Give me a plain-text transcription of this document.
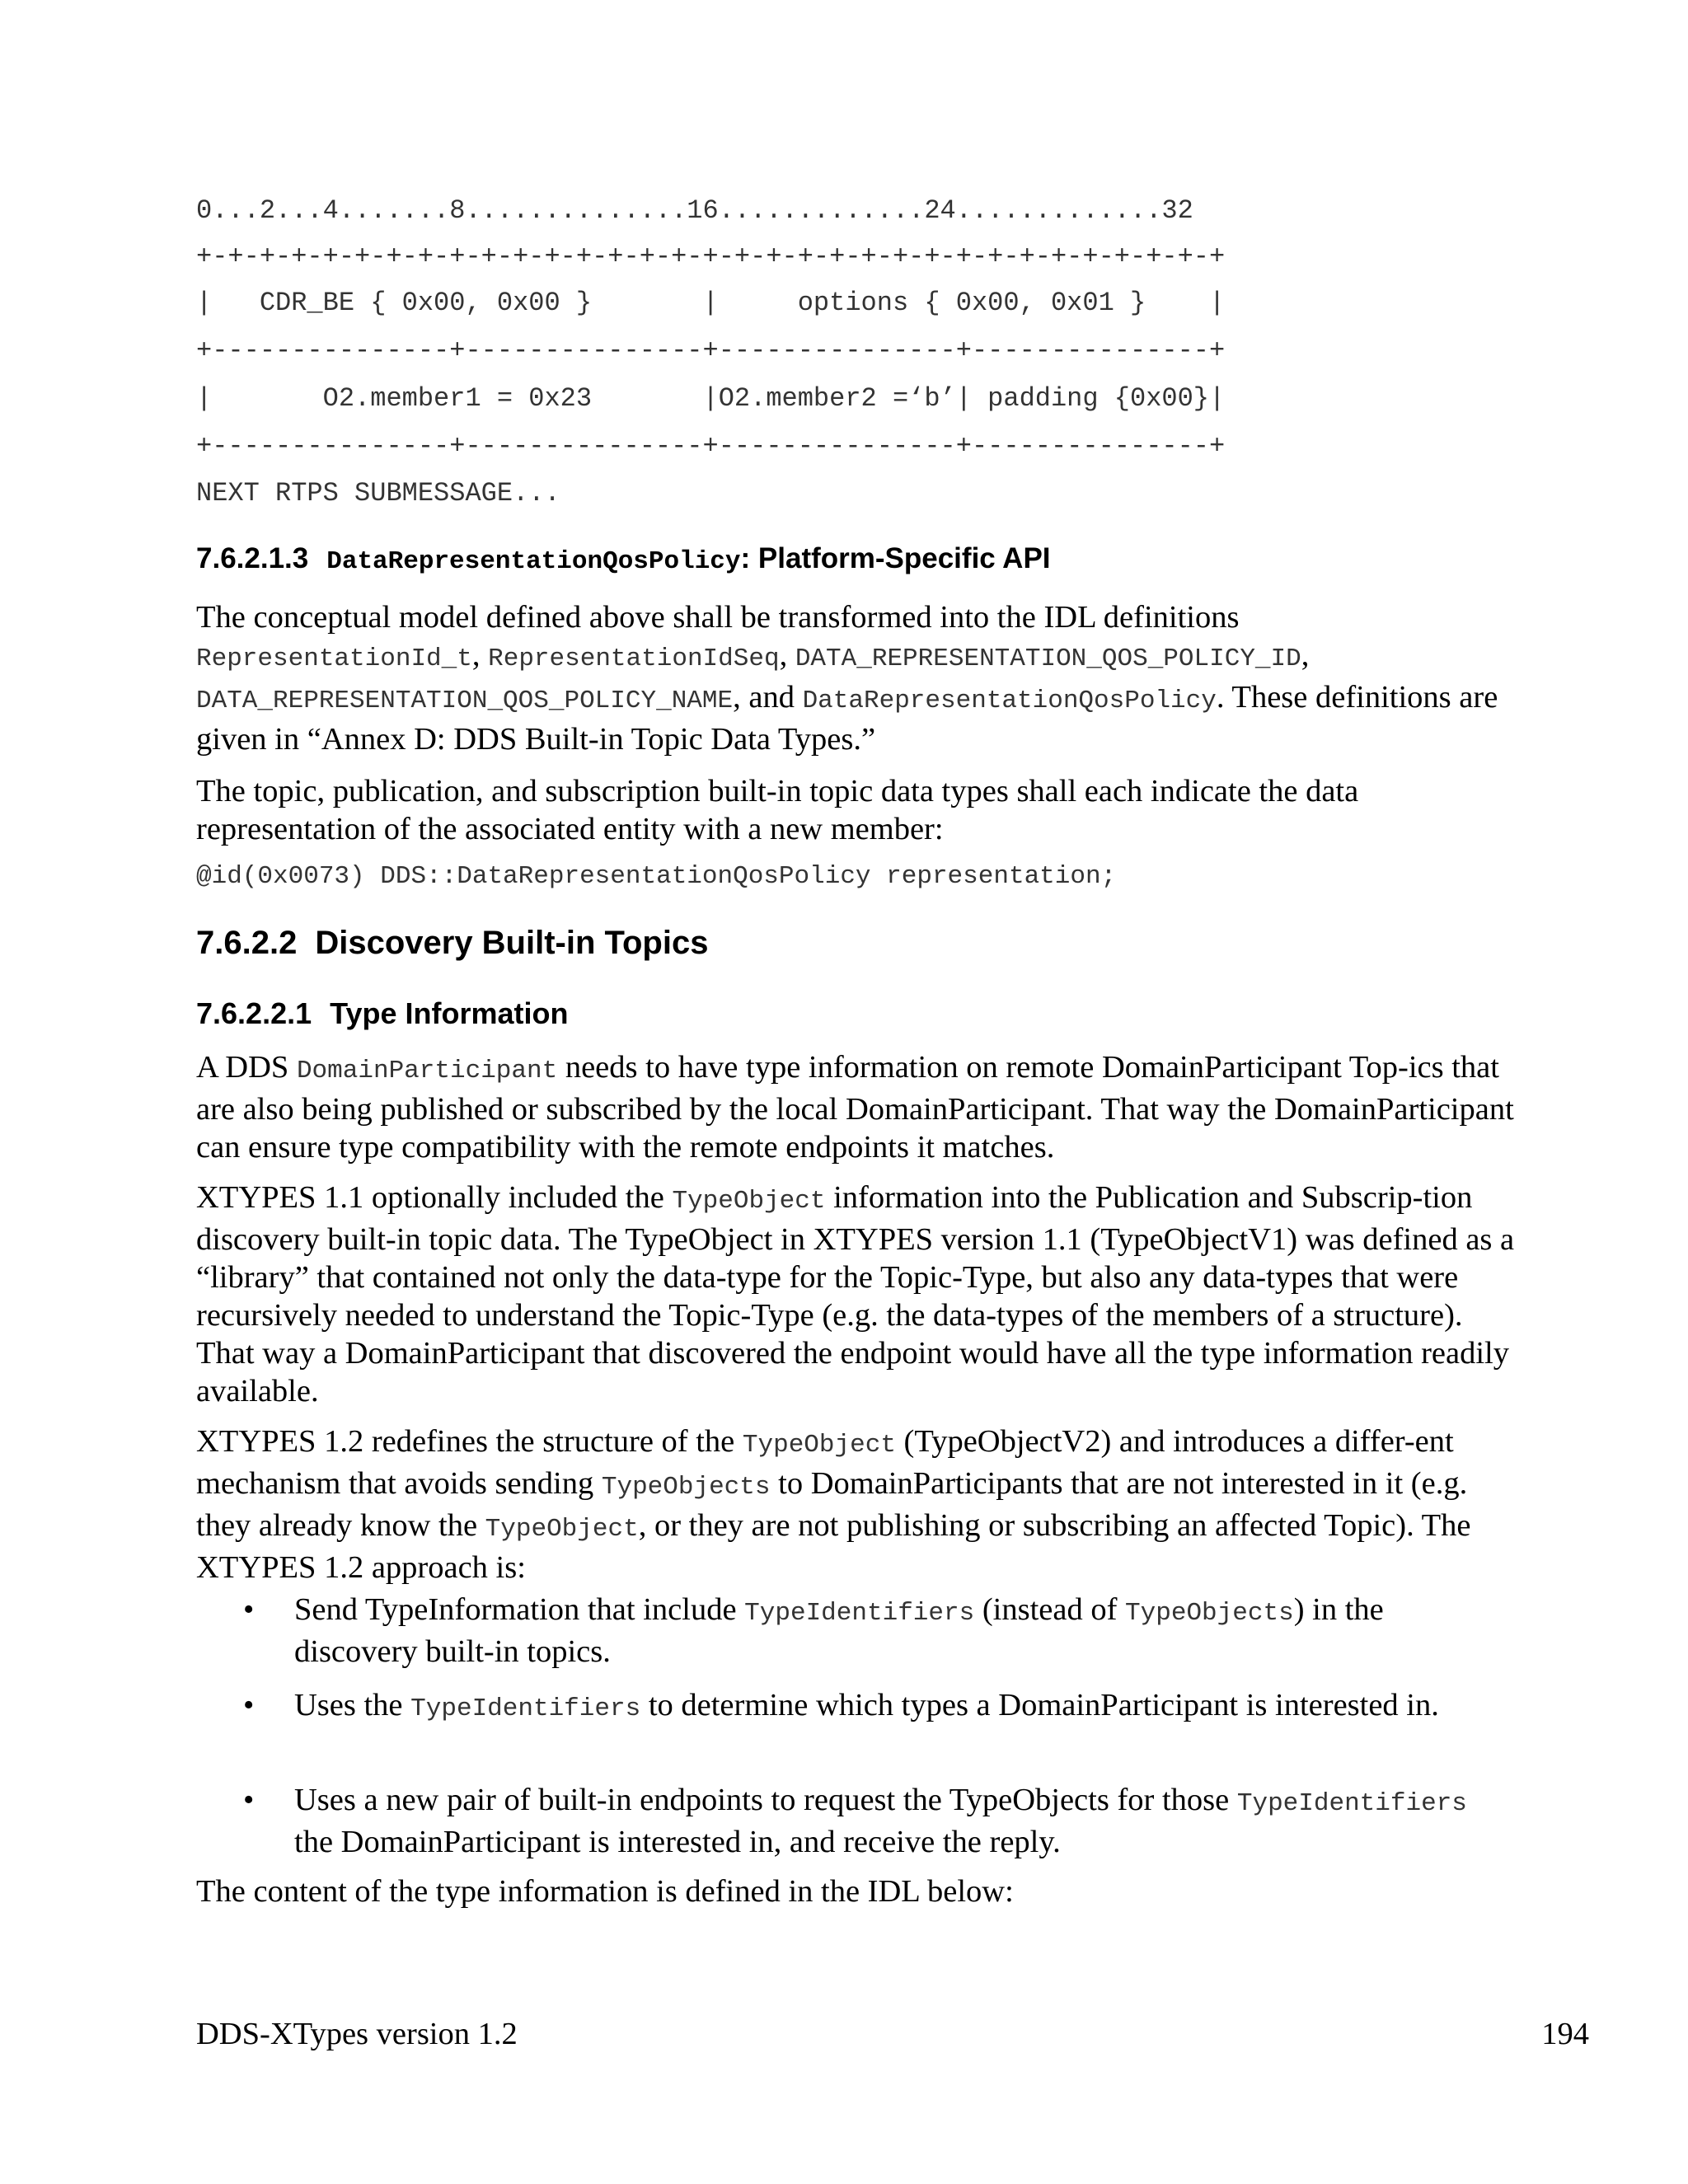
0...2...4.......8..............16.............24.............32
+-+-+-+-+-+-+-+-+-+-+-+-+-+-+-+-+-+-+-+-+-+-+-+-+-+-+-+-+-+-+-+-+
|   CDR_BE { 0x00, 0x00 }       |     options { 0x00, 0x01 }    |
+---------------+---------------+---------------+---------------+
|       O2.member1 = 0x23       |O2.member2 =‘b’| padding {0x00}|
+---------------+---------------+---------------+---------------+
NEXT RTPS SUBMESSAGE...
7.6.2.1.3 DataRepresentationQosPolicy: Platform-Specific API

The conceptual model defined above shall be transformed into the IDL definitions RepresentationId_t, RepresentationIdSeq, DATA_REPRESENTATION_QOS_POLICY_ID, DATA_REPRESENTATION_QOS_POLICY_NAME, and DataRepresentationQosPolicy. These definitions are given in “Annex D: DDS Built-in Topic Data Types.”

The topic, publication, and subscription built-in topic data types shall each indicate the data representation of the associated entity with a new member:

@id(0x0073) DDS::DataRepresentationQosPolicy representation;
7.6.2.2 Discovery Built-in Topics
7.6.2.2.1 Type Information

A DDS DomainParticipant needs to have type information on remote DomainParticipant Top-ics that are also being published or subscribed by the local DomainParticipant. That way the DomainParticipant can ensure type compatibility with the remote endpoints it matches.

XTYPES 1.1 optionally included the TypeObject information into the Publication and Subscrip-tion discovery built-in topic data. The TypeObject in XTYPES version 1.1 (TypeObjectV1) was defined as a “library” that contained not only the data-type for the Topic-Type, but also any data-types that were recursively needed to understand the Topic-Type (e.g. the data-types of the members of a structure). That way a DomainParticipant that discovered the endpoint would have all the type information readily available.

XTYPES 1.2 redefines the structure of the TypeObject (TypeObjectV2) and introduces a differ-ent mechanism that avoids sending TypeObjects to DomainParticipants that are not interested in it (e.g. they already know the TypeObject, or they are not publishing or subscribing an affected Topic). The XTYPES 1.2 approach is:

• Send TypeInformation that include TypeIdentifiers (instead of TypeObjects) in the discovery built-in topics.

• Uses the TypeIdentifiers to determine which types a DomainParticipant is interested in.

• Uses a new pair of built-in endpoints to request the TypeObjects for those TypeIdentifiers the DomainParticipant is interested in, and receive the reply.

The content of the type information is defined in the IDL below:

DDS-XTypes version 1.2	194
